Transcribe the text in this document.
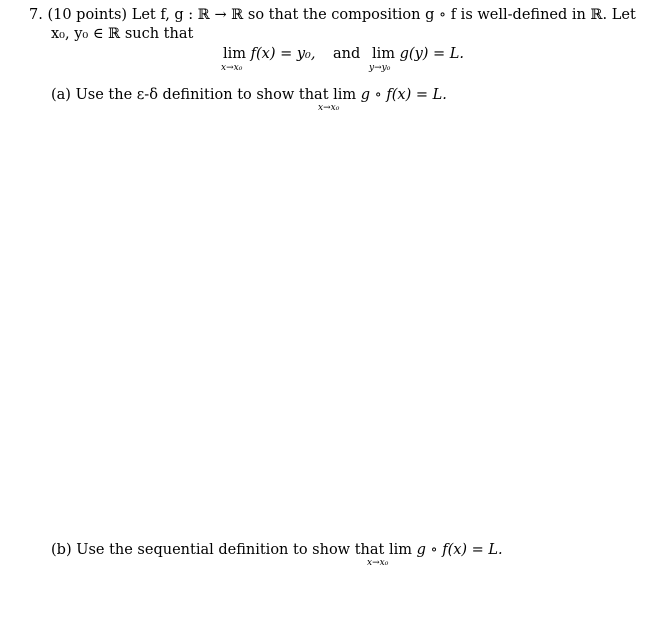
7. (10 points) Let f, g : ℝ → ℝ so that the composition g ∘ f is well-defined in ℝ. Let
x₀, y₀ ∈ ℝ such that
lim f(x) = y₀,
x→x₀
and lim g(y) = L.
y→y₀
(a) Use the ε-δ definition to show that lim g ∘ f(x) = L.
x→x₀
(b) Use the sequential definition to show that lim g ∘ f(x) = L.
x→x₀
